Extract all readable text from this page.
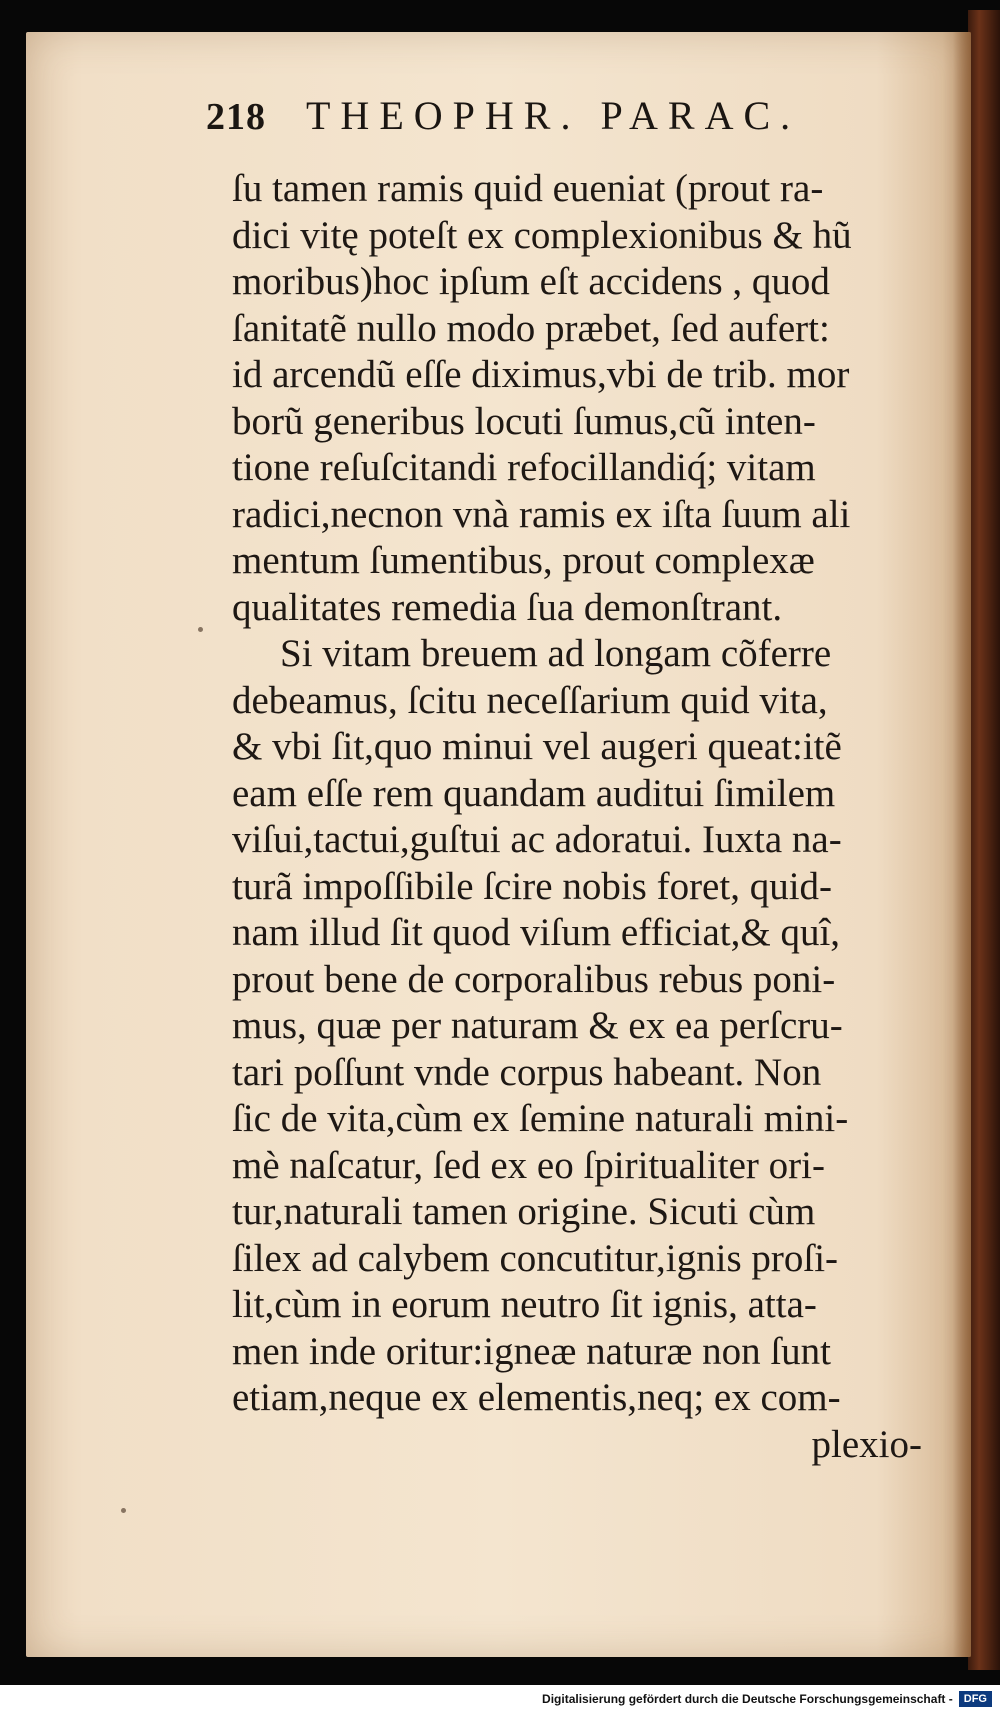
218 THEOPHR. PARAC.
ſu tamen ramis quid eueniat (prout ra-
dici vitę poteſt ex complexionibus & hũ
moribus)hoc ipſum eſt accidens , quod
ſanitatẽ nullo modo præbet, ſed aufert:
id arcendũ eſſe diximus,vbi de trib. mor
borũ generibus locuti ſumus,cũ inten-
tione reſuſcitandi refocillandiq́; vitam
radici,necnon vnà ramis ex iſta ſuum ali
mentum ſumentibus, prout complexæ
qualitates remedia ſua demonſtrant.
Si vitam breuem ad longam cõferre
debeamus, ſcitu neceſſarium quid vita,
& vbi ſit,quo minui vel augeri queat:itẽ
eam eſſe rem quandam auditui ſimilem
viſui,tactui,guſtui ac adoratui. Iuxta na-
turã impoſſibile ſcire nobis foret, quid-
nam illud ſit quod viſum efficiat,& quî,
prout bene de corporalibus rebus poni-
mus, quæ per naturam & ex ea perſcru-
tari poſſunt vnde corpus habeant. Non
ſic de vita,cùm ex ſemine naturali mini-
mè naſcatur, ſed ex eo ſpiritualiter ori-
tur,naturali tamen origine. Sicuti cùm
ſilex ad calybem concutitur,ignis proſi-
lit,cùm in eorum neutro ſit ignis, atta-
men inde oritur:igneæ naturæ non ſunt
etiam,neque ex elementis,neq; ex com-
plexio-
Digitalisierung gefördert durch die Deutsche Forschungsgemeinschaft -	DFG
